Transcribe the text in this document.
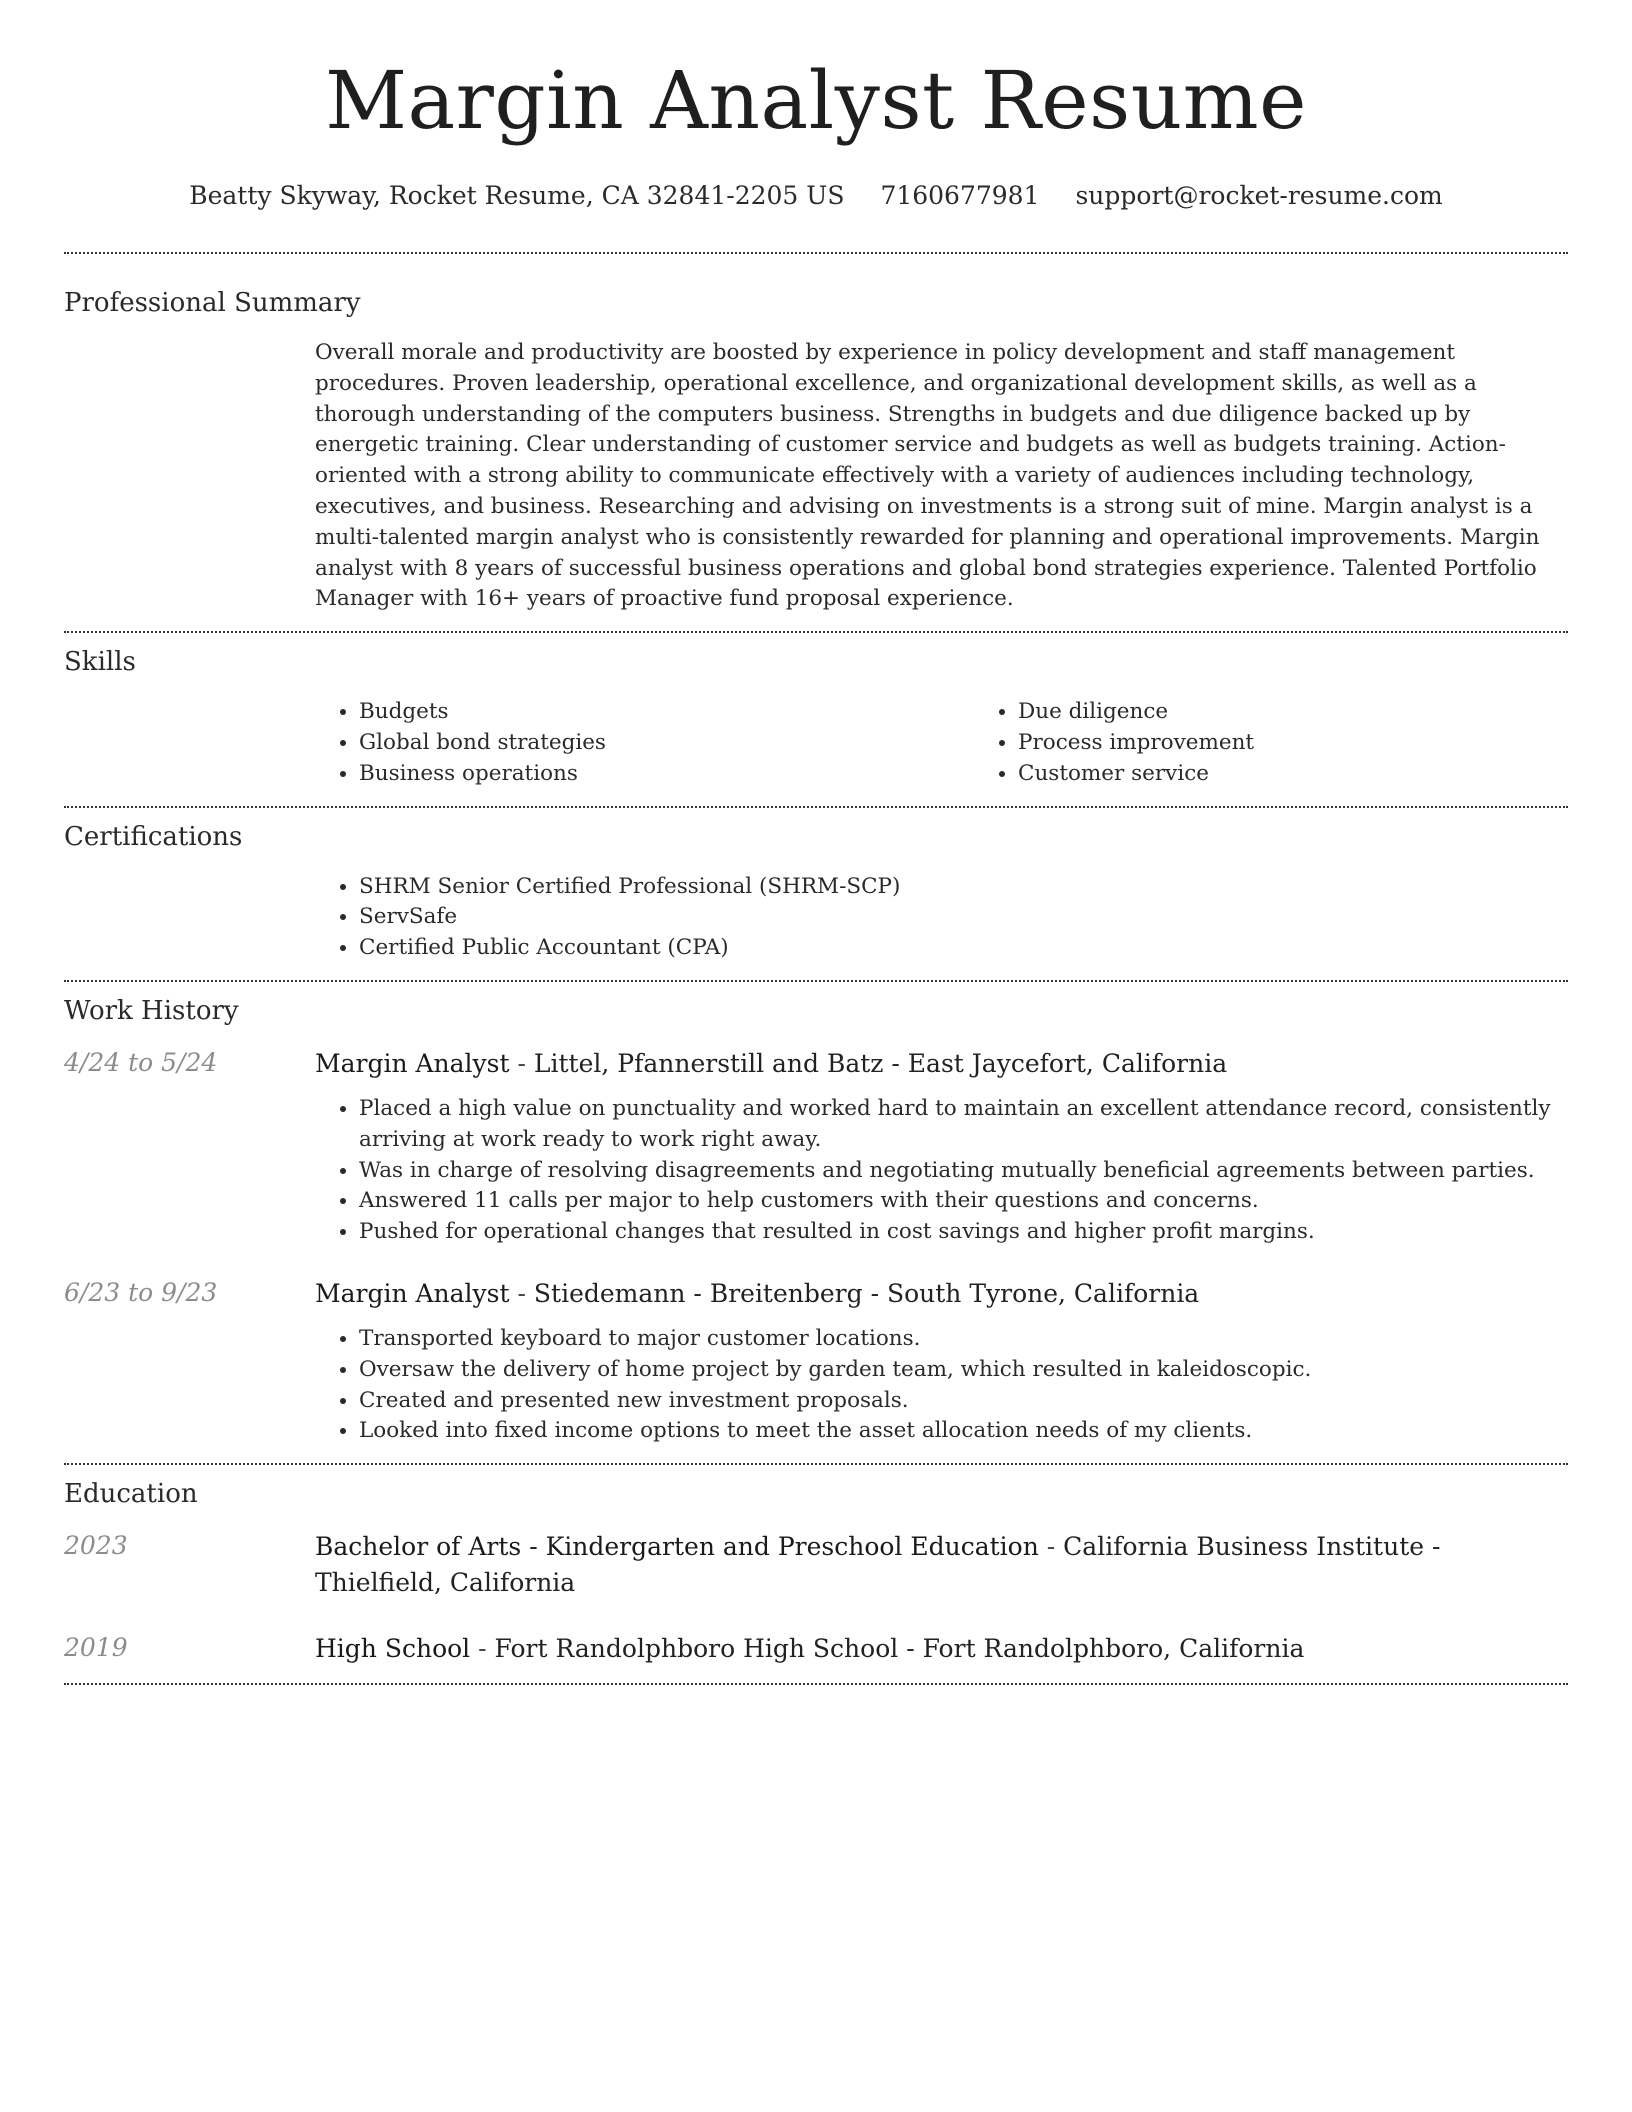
Margin Analyst Resume
Beatty Skyway, Rocket Resume, CA 32841-2205 US 7160677981 support@rocket-resume.com
Professional Summary

Overall morale and productivity are boosted by experience in policy development and staff management procedures. Proven leadership, operational excellence, and organizational development skills, as well as a thorough understanding of the computers business. Strengths in budgets and due diligence backed up by energetic training. Clear understanding of customer service and budgets as well as budgets training. Action-oriented with a strong ability to communicate effectively with a variety of audiences including technology, executives, and business. Researching and advising on investments is a strong suit of mine. Margin analyst is a multi-talented margin analyst who is consistently rewarded for planning and operational improvements. Margin analyst with 8 years of successful business operations and global bond strategies experience. Talented Portfolio Manager with 16+ years of proactive fund proposal experience.

Skills
• Budgets
• Global bond strategies
• Business operations
• Due diligence
• Process improvement
• Customer service
Certifications
• SHRM Senior Certified Professional (SHRM-SCP)
• ServSafe
• Certified Public Accountant (CPA)
Work History
4/24 to 5/24	Margin Analyst - Littel, Pfannerstill and Batz - East Jaycefort, California
• Placed a high value on punctuality and worked hard to maintain an excellent attendance record, consistently arriving at work ready to work right away.
• Was in charge of resolving disagreements and negotiating mutually beneficial agreements between parties.
• Answered 11 calls per major to help customers with their questions and concerns.
• Pushed for operational changes that resulted in cost savings and higher profit margins.
6/23 to 9/23	Margin Analyst - Stiedemann - Breitenberg - South Tyrone, California
• Transported keyboard to major customer locations.
• Oversaw the delivery of home project by garden team, which resulted in kaleidoscopic.
• Created and presented new investment proposals.
• Looked into fixed income options to meet the asset allocation needs of my clients.
Education
2023	Bachelor of Arts - Kindergarten and Preschool Education - California Business Institute - Thielfield, California
2019	High School - Fort Randolphboro High School - Fort Randolphboro, California
